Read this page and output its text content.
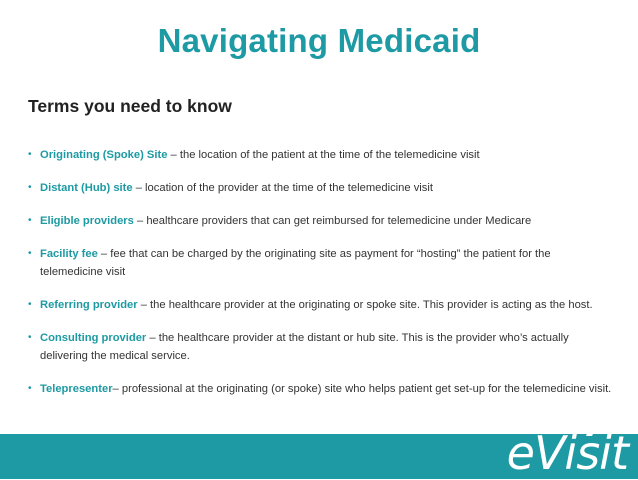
Navigating Medicaid
Terms you need to know
• Originating (Spoke) Site – the location of the patient at the time of the telemedicine visit
• Distant (Hub) site – location of the provider at the time of the telemedicine visit
• Eligible providers – healthcare providers that can get reimbursed for telemedicine under Medicare
• Facility fee – fee that can be charged by the originating site as payment for “hosting” the patient for the telemedicine visit
• Referring provider – the healthcare provider at the originating or spoke site. This provider is acting as the host.
• Consulting provider – the healthcare provider at the distant or hub site. This is the provider who’s actually delivering the medical service.
• Telepresenter– professional at the originating (or spoke) site who helps patient get set-up for the telemedicine visit.
eVisit
